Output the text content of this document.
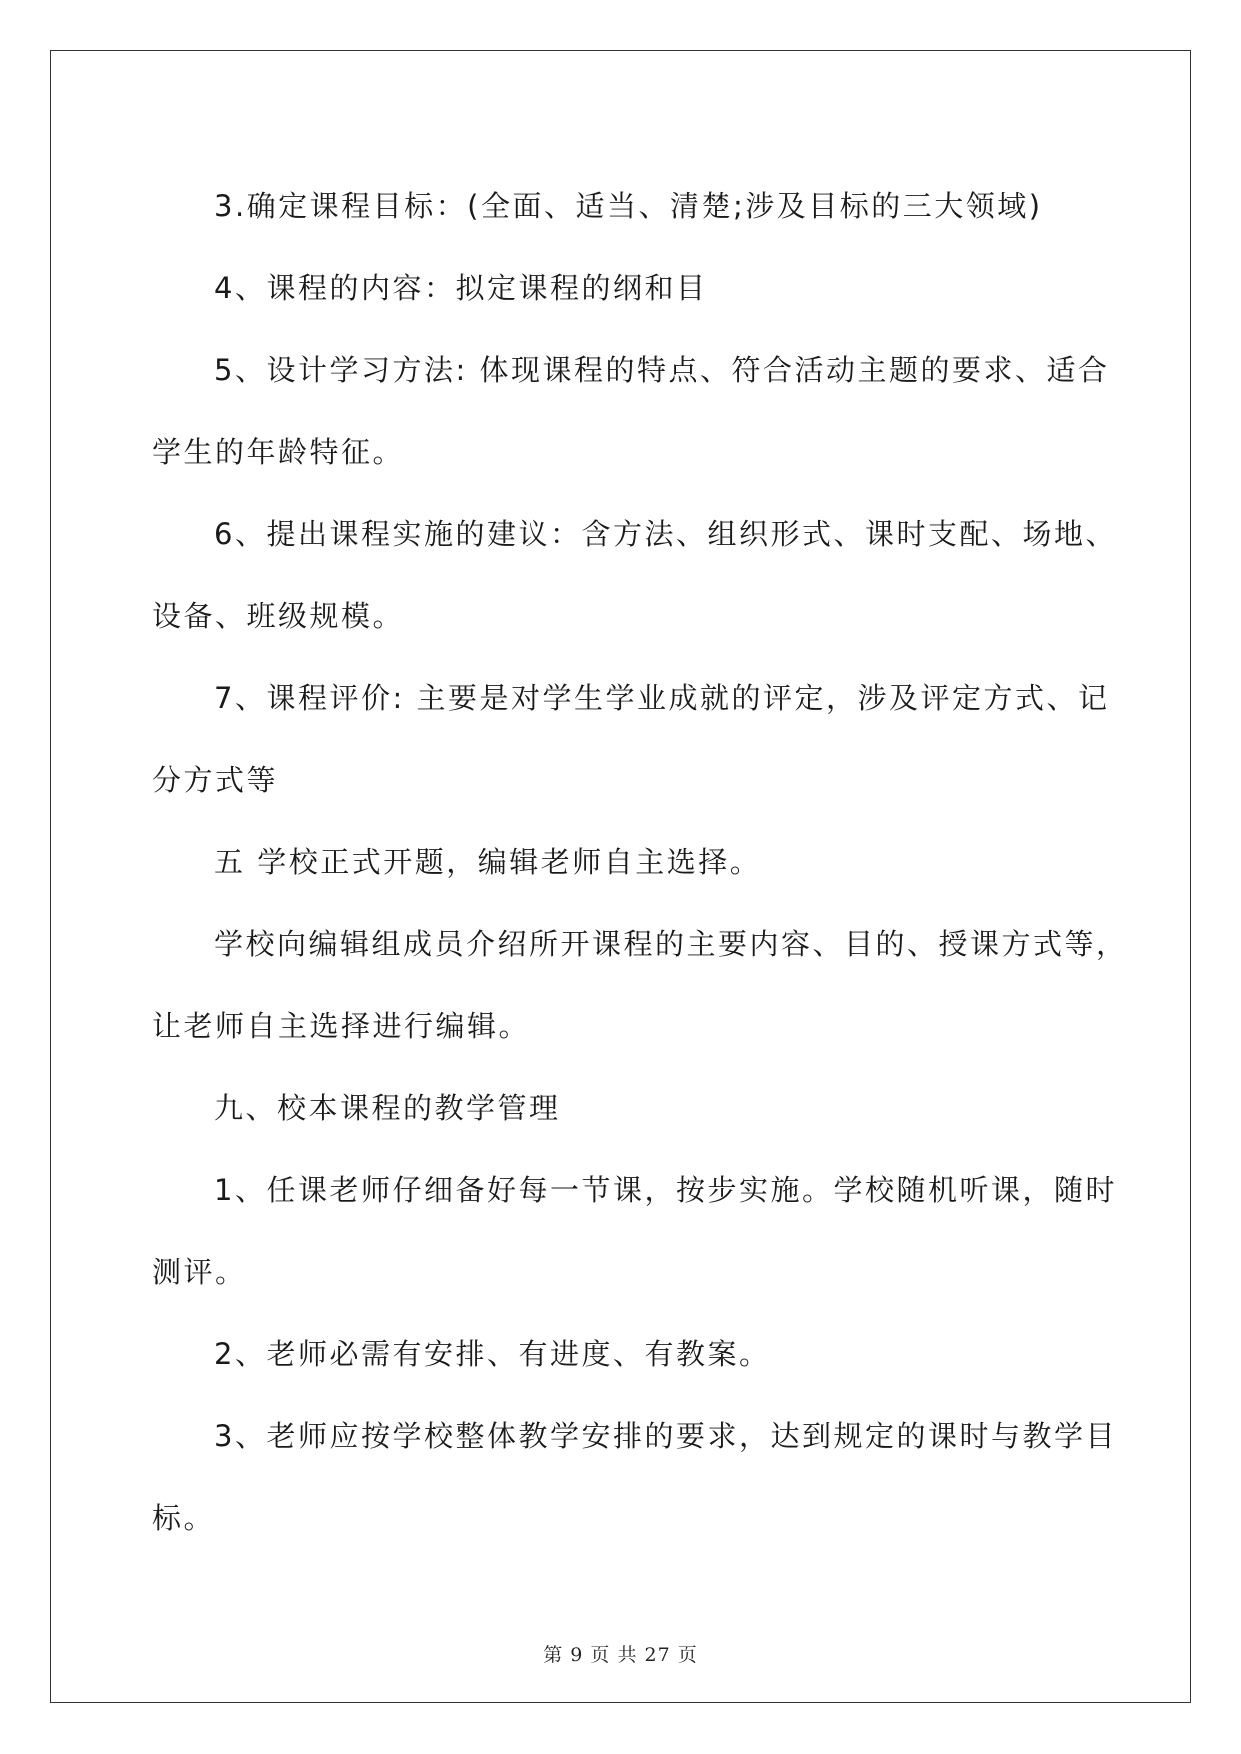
3.确定课程目标：(全面、适当、清楚;涉及目标的三大领域)

4、课程的内容：拟定课程的纲和目

5、设计学习方法: 体现课程的特点、符合活动主题的要求、适合

学生的年龄特征。

6、提出课程实施的建议：含方法、组织形式、课时支配、场地、

设备、班级规模。

7、课程评价: 主要是对学生学业成就的评定，涉及评定方式、记

分方式等

五 学校正式开题，编辑老师自主选择。

学校向编辑组成员介绍所开课程的主要内容、目的、授课方式等，

让老师自主选择进行编辑。

九、校本课程的教学管理

1、任课老师仔细备好每一节课，按步实施。学校随机听课，随时

测评。

2、老师必需有安排、有进度、有教案。

3、老师应按学校整体教学安排的要求，达到规定的课时与教学目

标。

第 9 页 共 27 页
